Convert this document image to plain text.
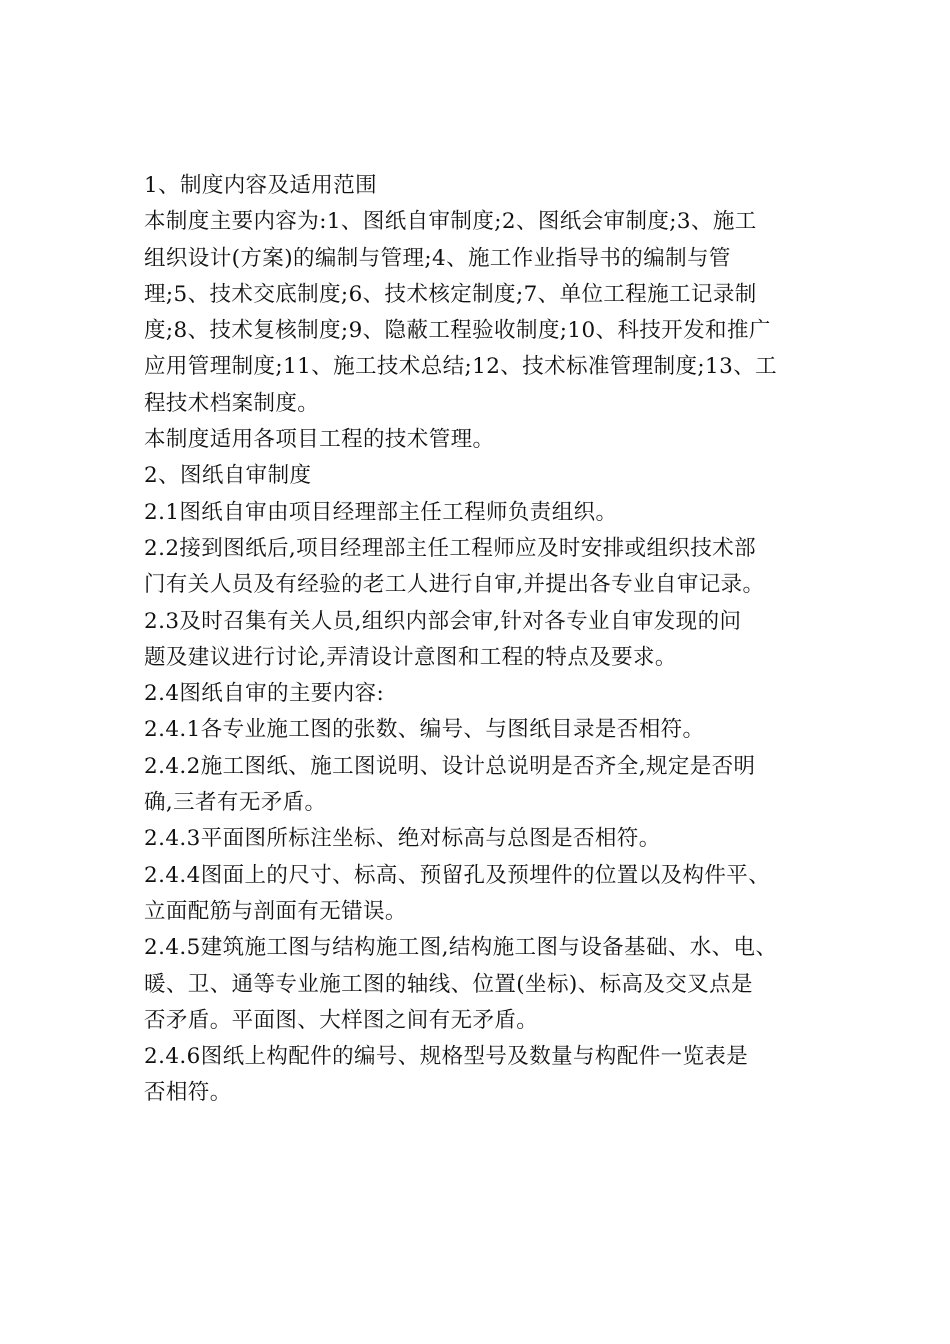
1、制度内容及适用范围
本制度主要内容为:1、图纸自审制度;2、图纸会审制度;3、施工
组织设计(方案)的编制与管理;4、施工作业指导书的编制与管
理;5、技术交底制度;6、技术核定制度;7、单位工程施工记录制
度;8、技术复核制度;9、隐蔽工程验收制度;10、科技开发和推广
应用管理制度;11、施工技术总结;12、技术标准管理制度;13、工
程技术档案制度。
本制度适用各项目工程的技术管理。
2、图纸自审制度
2.1图纸自审由项目经理部主任工程师负责组织。
2.2接到图纸后,项目经理部主任工程师应及时安排或组织技术部
门有关人员及有经验的老工人进行自审,并提出各专业自审记录。
2.3及时召集有关人员,组织内部会审,针对各专业自审发现的问
题及建议进行讨论,弄清设计意图和工程的特点及要求。
2.4图纸自审的主要内容:
2.4.1各专业施工图的张数、编号、与图纸目录是否相符。
2.4.2施工图纸、施工图说明、设计总说明是否齐全,规定是否明
确,三者有无矛盾。
2.4.3平面图所标注坐标、绝对标高与总图是否相符。
2.4.4图面上的尺寸、标高、预留孔及预埋件的位置以及构件平、
立面配筋与剖面有无错误。
2.4.5建筑施工图与结构施工图,结构施工图与设备基础、水、电、
暖、卫、通等专业施工图的轴线、位置(坐标)、标高及交叉点是
否矛盾。平面图、大样图之间有无矛盾。
2.4.6图纸上构配件的编号、规格型号及数量与构配件一览表是
否相符。
